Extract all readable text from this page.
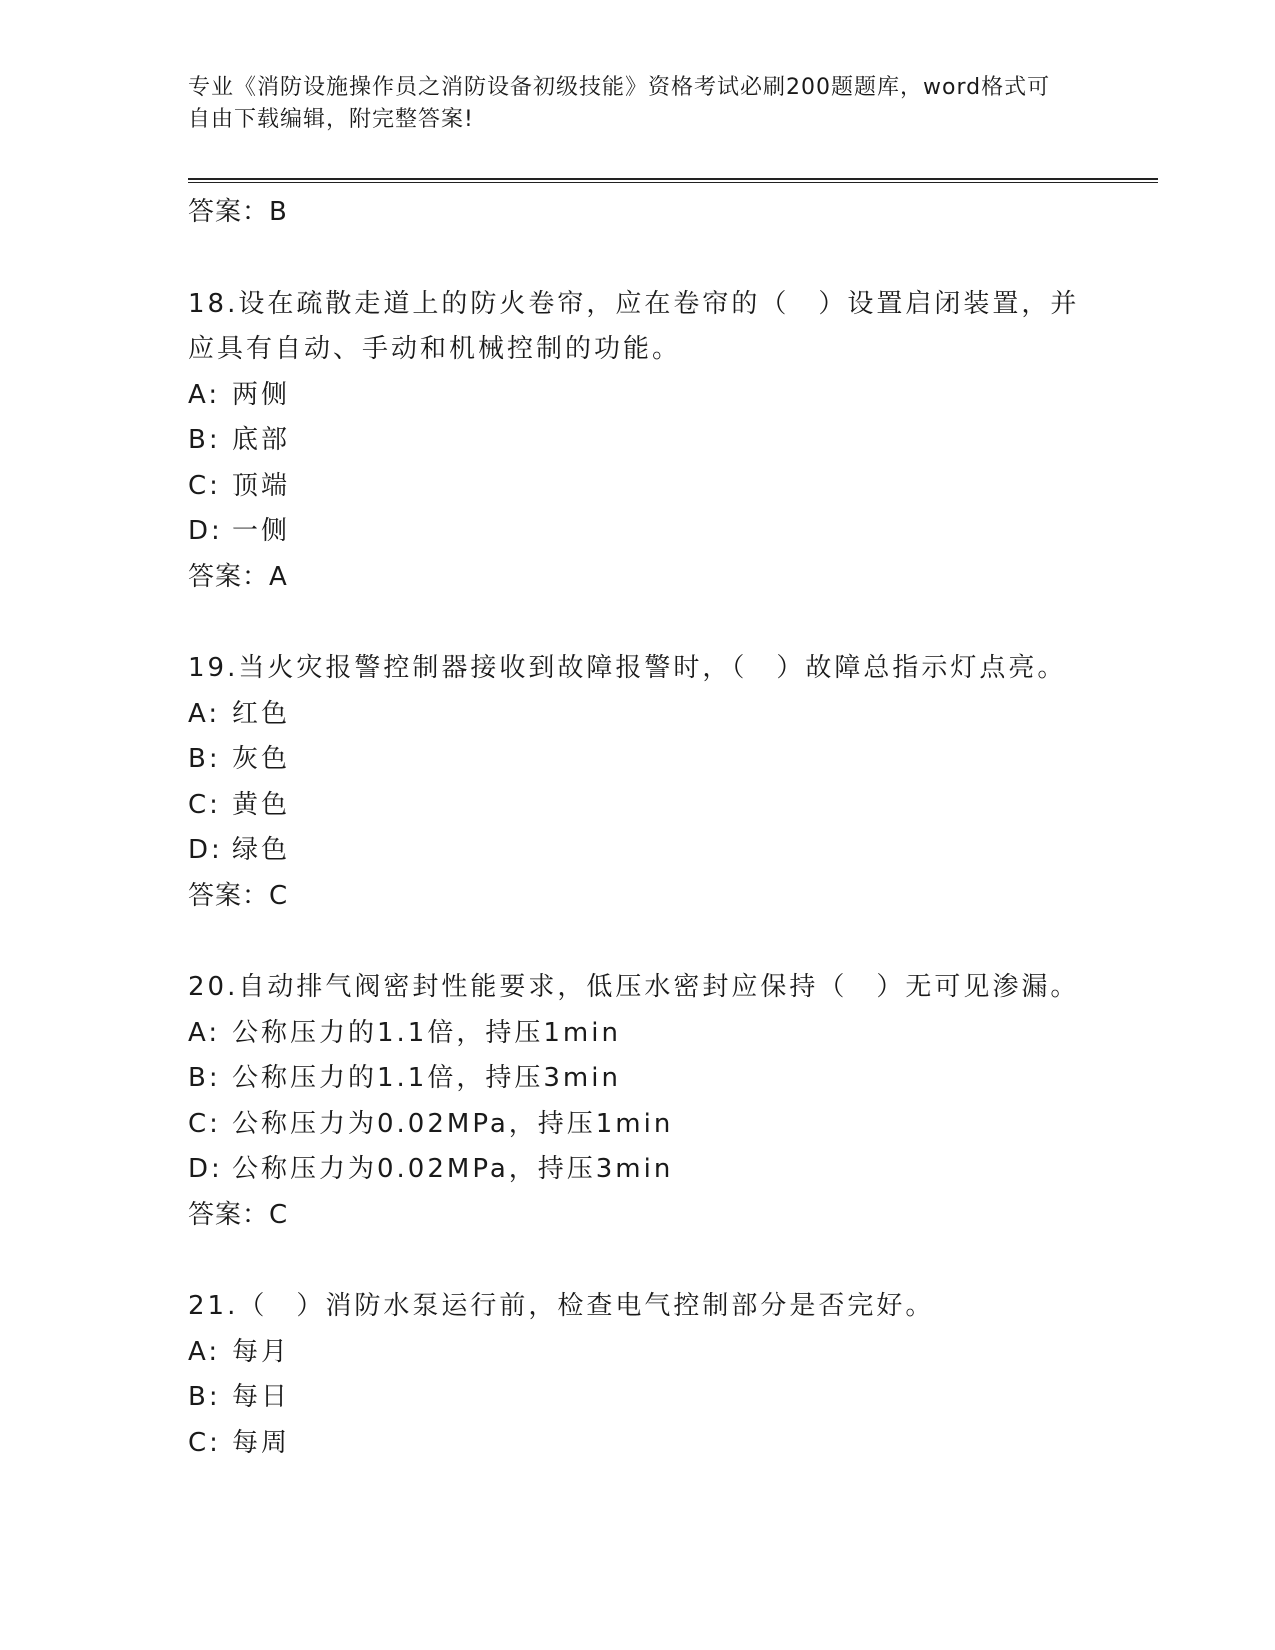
专业《消防设施操作员之消防设备初级技能》资格考试必刷200题题库，word格式可自由下载编辑，附完整答案!
答案：B
18.设在疏散走道上的防火卷帘，应在卷帘的（　）设置启闭装置，并
应具有自动、手动和机械控制的功能。
A: 两侧
B: 底部
C: 顶端
D: 一侧
答案：A
19.当火灾报警控制器接收到故障报警时，（　）故障总指示灯点亮。
A: 红色
B: 灰色
C: 黄色
D: 绿色
答案：C
20.自动排气阀密封性能要求，低压水密封应保持（　）无可见渗漏。
A: 公称压力的1.1倍，持压1min
B: 公称压力的1.1倍，持压3min
C: 公称压力为0.02MPa，持压1min
D: 公称压力为0.02MPa，持压3min
答案：C
21.（　）消防水泵运行前，检查电气控制部分是否完好。
A: 每月
B: 每日
C: 每周
